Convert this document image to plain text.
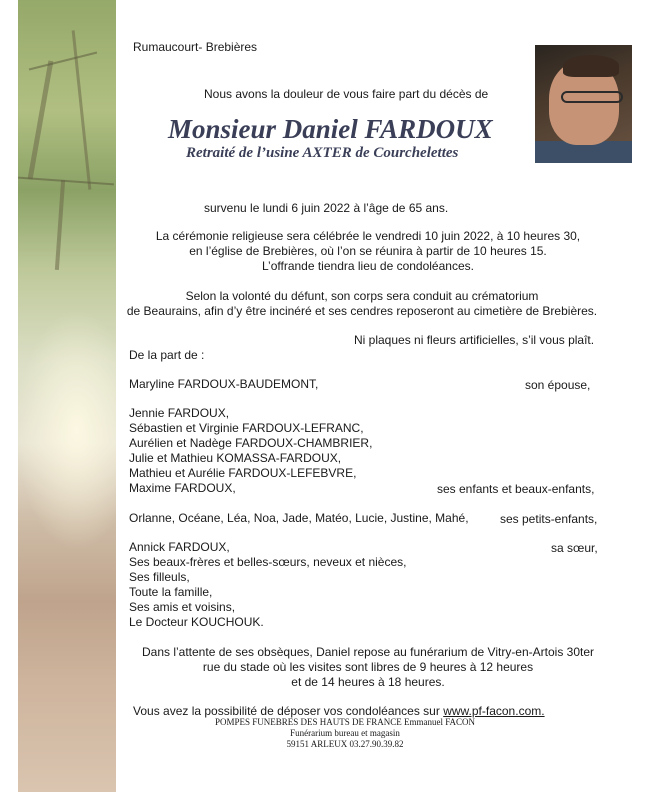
Rumaucourt- Brebières
Nous avons la douleur de vous faire part du décès de
Monsieur Daniel FARDOUX
Retraité de l’usine AXTER de Courchelettes
survenu le lundi 6 juin 2022 à l’âge de 65 ans.
La cérémonie religieuse sera célébrée le vendredi 10 juin 2022, à 10 heures 30,
en l’église de Brebières, où l’on se réunira à partir de 10 heures 15.
L’offrande tiendra lieu de condoléances.
Selon la volonté du défunt, son corps sera conduit au crématorium
de Beaurains, afin d’y être incinéré et ses cendres reposeront au cimetière de Brebières.
Ni plaques ni fleurs artificielles, s’il vous plaît.
De la part de :
Maryline FARDOUX-BAUDEMONT,	son épouse,
Jennie FARDOUX,
Sébastien et Virginie FARDOUX-LEFRANC,
Aurélien et Nadège FARDOUX-CHAMBRIER,
Julie et Mathieu KOMASSA-FARDOUX,
Mathieu et Aurélie FARDOUX-LEFEBVRE,
Maxime FARDOUX,	ses enfants et beaux-enfants,
Orlanne, Océane, Léa, Noa, Jade, Matéo, Lucie, Justine, Mahé,	ses petits-enfants,
Annick FARDOUX,	sa sœur,
Ses beaux-frères et belles-sœurs, neveux et nièces,
Ses filleuls,
Toute la famille,
Ses amis et voisins,
Le Docteur KOUCHOUK.
Dans l’attente de ses obsèques, Daniel repose au funérarium de Vitry-en-Artois 30ter
rue du stade où les visites sont libres de 9 heures à 12 heures
et de 14 heures à 18 heures.
Vous avez la possibilité de déposer vos condoléances sur www.pf-facon.com.
POMPES FUNEBRES DES HAUTS DE FRANCE Emmanuel FACON
Funérarium bureau et magasin
59151 ARLEUX 03.27.90.39.82
